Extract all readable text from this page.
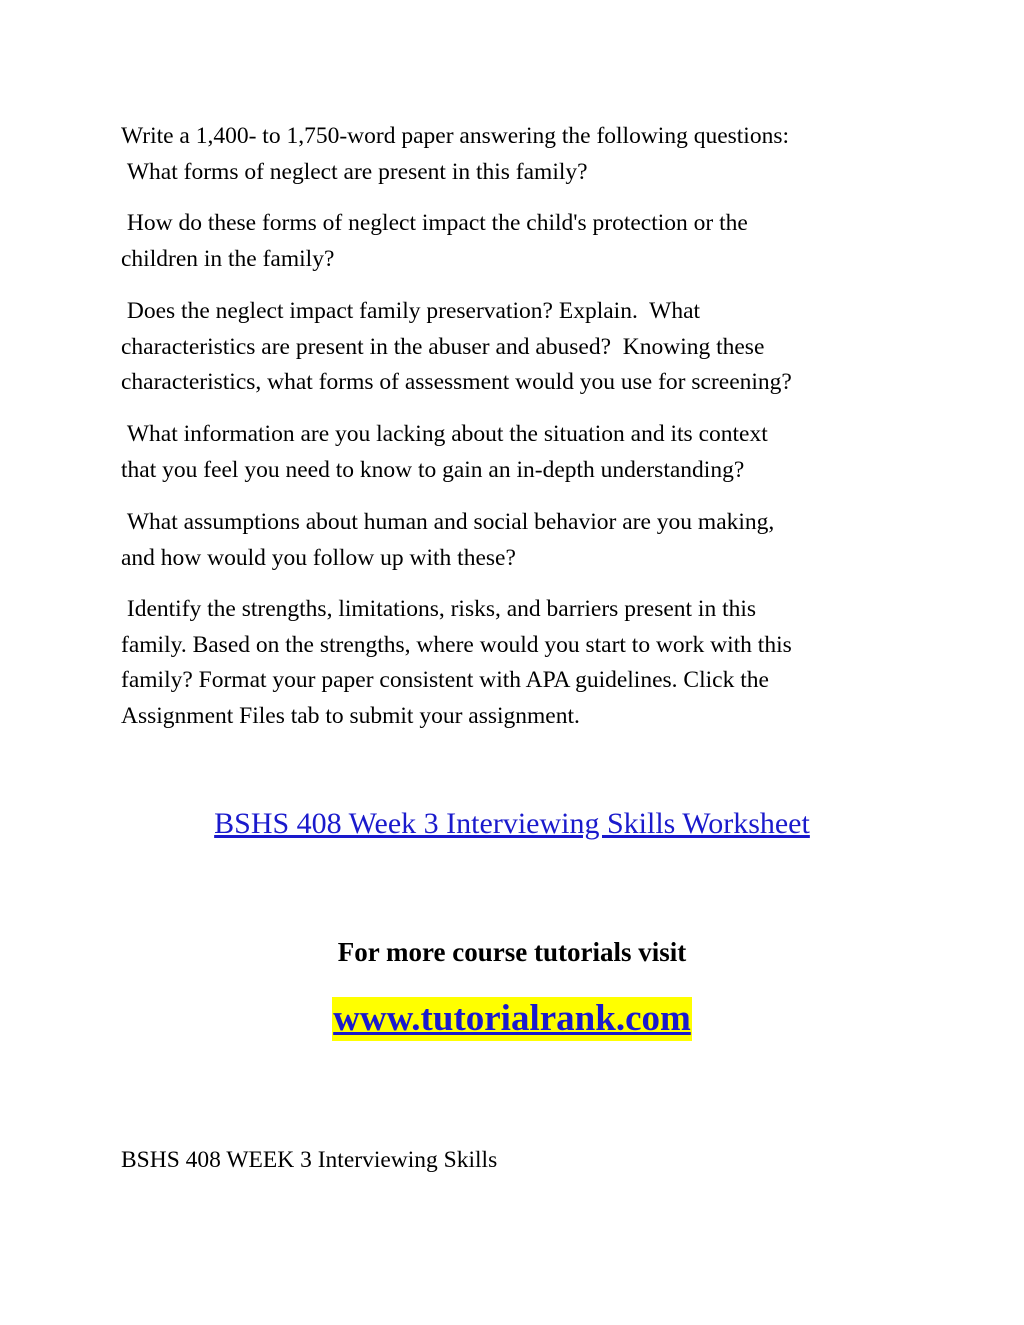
Write a 1,400- to 1,750-word paper answering the following questions:
What forms of neglect are present in this family?

How do these forms of neglect impact the child's protection or the
children in the family?

Does the neglect impact family preservation? Explain.  What
characteristics are present in the abuser and abused?  Knowing these
characteristics, what forms of assessment would you use for screening?

What information are you lacking about the situation and its context
that you feel you need to know to gain an in-depth understanding?

What assumptions about human and social behavior are you making,
and how would you follow up with these?

Identify the strengths, limitations, risks, and barriers present in this
family. Based on the strengths, where would you start to work with this
family? Format your paper consistent with APA guidelines. Click the
Assignment Files tab to submit your assignment.

BSHS 408 Week 3 Interviewing Skills Worksheet
For more course tutorials visit
www.tutorialrank.com
BSHS 408 WEEK 3 Interviewing Skills
